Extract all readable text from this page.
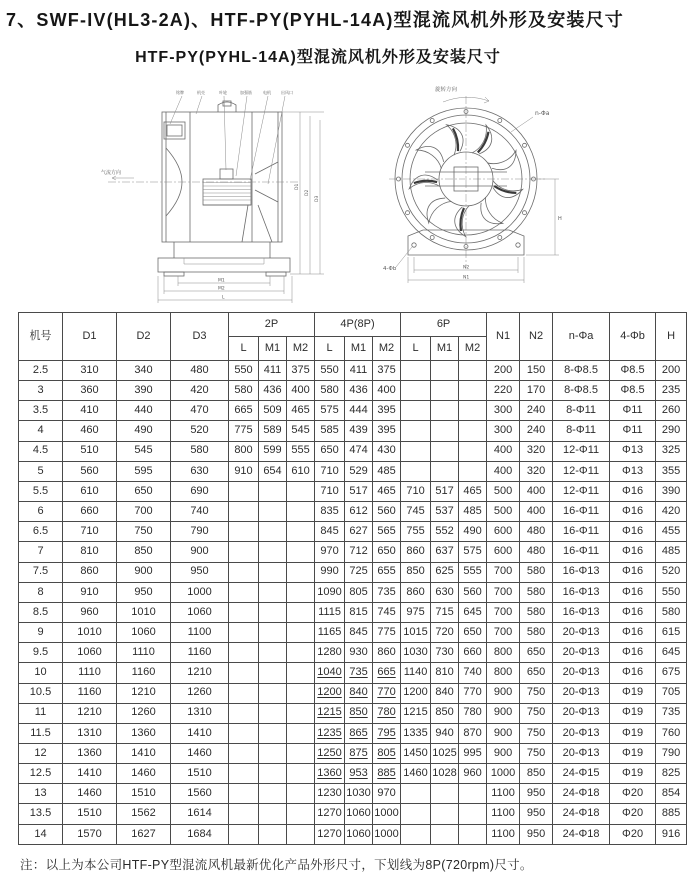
7、SWF-IV(HL3-2A)、HTF-PY(PYHL-14A)型混流风机外形及安装尺寸
HTF-PY(PYHL-14A)型混流风机外形及安装尺寸
铭牌	机壳	叶轮	加强筋	电机	出风口
气流方向
M1
M2
L
D1
D2
D3
旋转方向
n-Φa
4-Φb	N2
N1
H
机号	D1	D2	D3	2P			4P(8P)			6P			N1	N2	n-Φa	4-Φb	H
				L	M1	M2	L	M1	M2	L	M1	M2					
2.5	310	340	480	550	411	375	550	411	375				200	150	8-Φ8.5	Φ8.5	200
3	360	390	420	580	436	400	580	436	400				220	170	8-Φ8.5	Φ8.5	235
3.5	410	440	470	665	509	465	575	444	395				300	240	8-Φ11	Φ11	260
4	460	490	520	775	589	545	585	439	395				300	240	8-Φ11	Φ11	290
4.5	510	545	580	800	599	555	650	474	430				400	320	12-Φ11	Φ13	325
5	560	595	630	910	654	610	710	529	485				400	320	12-Φ11	Φ13	355
5.5	610	650	690				710	517	465	710	517	465	500	400	12-Φ11	Φ16	390
6	660	700	740				835	612	560	745	537	485	500	400	16-Φ11	Φ16	420
6.5	710	750	790				845	627	565	755	552	490	600	480	16-Φ11	Φ16	455
7	810	850	900				970	712	650	860	637	575	600	480	16-Φ11	Φ16	485
7.5	860	900	950				990	725	655	850	625	555	700	580	16-Φ13	Φ16	520
8	910	950	1000				1090	805	735	860	630	560	700	580	16-Φ13	Φ16	550
8.5	960	1010	1060				1115	815	745	975	715	645	700	580	16-Φ13	Φ16	580
9	1010	1060	1100				1165	845	775	1015	720	650	700	580	20-Φ13	Φ16	615
9.5	1060	1110	1160				1280	930	860	1030	730	660	800	650	20-Φ13	Φ16	645
10	1110	1160	1210				1040	735	665	1140	810	740	800	650	20-Φ13	Φ16	675
10.5	1160	1210	1260				1200	840	770	1200	840	770	900	750	20-Φ13	Φ19	705
11	1210	1260	1310				1215	850	780	1215	850	780	900	750	20-Φ13	Φ19	735
11.5	1310	1360	1410				1235	865	795	1335	940	870	900	750	20-Φ13	Φ19	760
12	1360	1410	1460				1250	875	805	1450	1025	995	900	750	20-Φ13	Φ19	790
12.5	1410	1460	1510				1360	953	885	1460	1028	960	1000	850	24-Φ15	Φ19	825
13	1460	1510	1560				1230	1030	970				1100	950	24-Φ18	Φ20	854
13.5	1510	1562	1614				1270	1060	1000				1100	950	24-Φ18	Φ20	885
14	1570	1627	1684				1270	1060	1000				1100	950	24-Φ18	Φ20	916
注：以上为本公司HTF-PY型混流风机最新优化产品外形尺寸，下划线为8P(720rpm)尺寸。
